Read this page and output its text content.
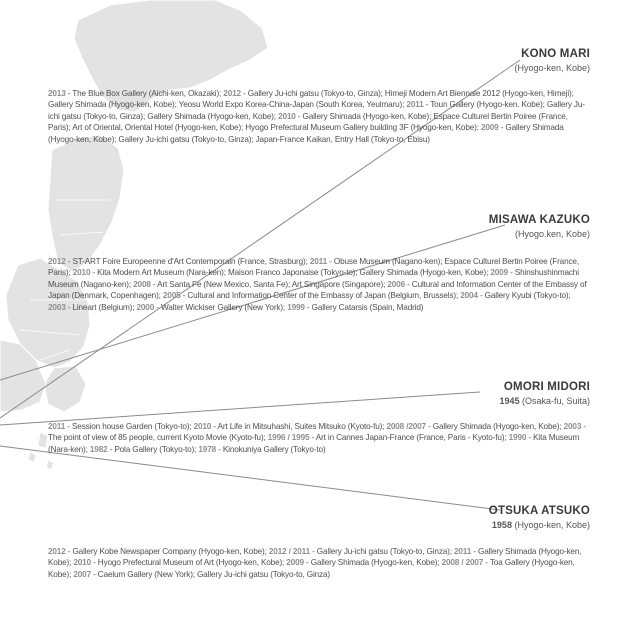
KONO MARI
(Hyogo-ken, Kobe)
2013 - The Blue Box Gallery (Aichi-ken, Okazaki); 2012 - Gallery Ju-ichi gatsu (Tokyo-to, Ginza); Himeji Modern Art Biennale 2012 (Hyogo-ken, Himeji); Gallery Shimada (Hyogo-ken, Kobe); Yeosu World Expo Korea-China-Japan (South Korea, Yeulmaru); 2011 - Toun Gallery (Hyogo-ken. Kobe); Gallery Ju-ichi gatsu (Tokyo-to, Ginza); Gallery Shimada (Hyogo-ken, Kobe); 2010 - Gallery Shimada (Hyogo-ken, Kobe); Espace Culturel Bertin Poiree (France, Paris); Art of Oriental, Oriental Hotel (Hyogo-ken, Kobe); Hyogo Prefectural Museum Gallery building 3F (Hyogo-ken, Kobe); 2009 - Gallery Shimada (Hyogo-ken, Kobe); Gallery Ju-ichi gatsu (Tokyo-to, Ginza); Japan-France Kaikan, Entry Hall (Tokyo-to, Ebisu)
MISAWA KAZUKO
(Hyogo.ken, Kobe)
2012 - ST-ART Foire Europeenne d'Art Contemporain (France, Strasburg); 2011 - Obuse Museum (Nagano-ken); Espace Culturel Bertin Poiree (France, Paris); 2010 - Kita Modern Art Museum (Nara-ken); Maison Franco Japonaise (Tokyo-to); Gallery Shimada (Hyogo-ken, Kobe); 2009 - Shinshushinmachi Museum (Nagano-ken); 2008 - Art Santa Fe (New Mexico, Santa Fe); Art Singapore (Singapore); 2006 - Cultural and Information Center of the Embassy of Japan (Denmark, Copenhagen); 2005 - Cultural and Information Center of the Embassy of Japan (Belgium, Brussels); 2004 - Gallery Kyubi (Tokyo-to); 2003 - Lineart (Belgium); 2000 - Walter Wickiser Gallery (New York); 1999 - Gallery Catarsis (Spain, Madrid)
OMORI MIDORI
1945 (Osaka-fu, Suita)
2011 - Session house Garden (Tokyo-to); 2010 - Art Life in Mitsuhashi, Suites Mitsuko (Kyoto-fu); 2008 /2007 - Gallery Shimada (Hyogo-ken, Kobe); 2003 - The point of view of 85 people, current Kyoto Movie (Kyoto-fu); 1996 / 1995 - Art in Cannes Japan-France (France, Paris - Kyoto-fu); 1990 - Kita Museum (Nara-ken); 1982 - Pola Gallery (Tokyo-to); 1978 - Kinokuniya Gallery (Tokyo-to)
OTSUKA ATSUKO
1958 (Hyogo-ken, Kobe)
2012 - Gallery Kobe Newspaper Company (Hyogo-ken, Kobe); 2012 / 2011 - Gallery Ju-ichi gatsu (Tokyo-to, Ginza); 2011 - Gallery Shimada (Hyogo-ken, Kobe); 2010 - Hyogo Prefectural Museum of Art (Hyogo-ken, Kobe); 2009 - Gallery Shimada (Hyogo-ken, Kobe); 2008 / 2007 - Toa Gallery (Hyogo-ken, Kobe); 2007 - Caelum Gallery (New York); Gallery Ju-ichi gatsu (Tokyo-to, Ginza)
